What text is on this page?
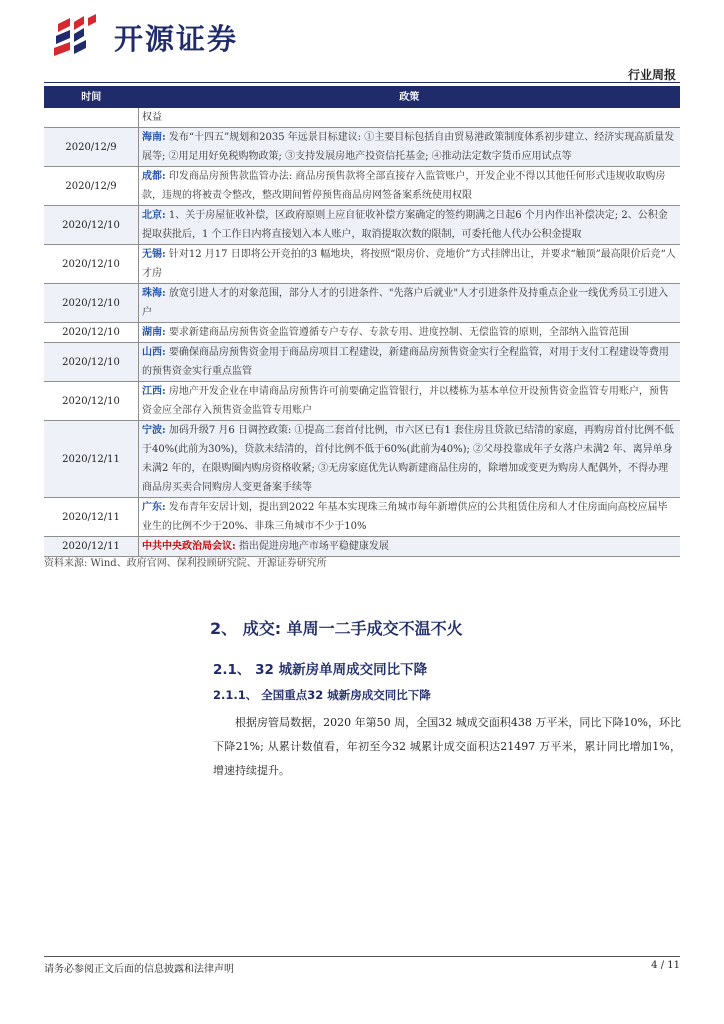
开源证券
行业周报
时间	政策
	权益
2020/12/9	海南: 发布“十四五”规划和2035 年远景目标建议: ①主要目标包括自由贸易港政策制度体系初步建立、经济实现高质量发展等; ②用足用好免税购物政策; ③支持发展房地产投资信托基金; ④推动法定数字货币应用试点等
2020/12/9	成都: 印发商品房预售款监管办法: 商品房预售款将全部直接存入监管账户，开发企业不得以其他任何形式违规收取购房款，违规的将被责令整改，整改期间暂停预售商品房网签备案系统使用权限
2020/12/10	北京: 1、关于房屋征收补偿，区政府原则上应自征收补偿方案确定的签约期满之日起6 个月内作出补偿决定; 2、公积金提取获批后，1 个工作日内将直接划入本人账户，取消提取次数的限制，可委托他人代办公积金提取
2020/12/10	无锡: 针对12 月17 日即将公开竞拍的3 幅地块，将按照“限房价、竞地价”方式挂牌出让，并要求“触顶”最高限价后竞“人才房
2020/12/10	珠海: 放宽引进人才的对象范围，部分人才的引进条件、"先落户后就业"人才引进条件及持重点企业一线优秀员工引进入户
2020/12/10	湖南: 要求新建商品房预售资金监管遵循专户专存、专款专用、进度控制、无偿监管的原则，全部纳入监管范围
2020/12/10	山西: 要确保商品房预售资金用于商品房项目工程建设，新建商品房预售资金实行全程监管，对用于支付工程建设等费用的预售资金实行重点监管
2020/12/10	江西: 房地产开发企业在申请商品房预售许可前要确定监管银行，并以楼栋为基本单位开设预售资金监管专用账户，预售资金应全部存入预售资金监管专用账户
2020/12/11	宁波: 加码升级7 月6 日调控政策: ①提高二套首付比例，市六区已有1 套住房且贷款已结清的家庭，再购房首付比例不低于40%(此前为30%)，贷款未结清的，首付比例不低于60%(此前为40%); ②父母投靠成年子女落户未满2 年、离异单身未满2 年的，在限购圈内购房资格收紧; ③无房家庭优先认购新建商品住房的，除增加或变更为购房人配偶外，不得办理商品房买卖合同购房人变更备案手续等
2020/12/11	广东: 发布青年安居计划，提出到2022 年基本实现珠三角城市每年新增供应的公共租赁住房和人才住房面向高校应届毕业生的比例不少于20%、非珠三角城市不少于10%
2020/12/11	中共中央政治局会议: 指出促进房地产市场平稳健康发展
资料来源: Wind、政府官网、保利投顾研究院、开源证券研究所
2、 成交: 单周一二手成交不温不火
2.1、 32 城新房单周成交同比下降
2.1.1、 全国重点32 城新房成交同比下降
根据房管局数据，2020 年第50 周，全国32 城成交面积438 万平米，同比下降10%，环比下降21%; 从累计数值看，年初至今32 城累计成交面积达21497 万平米，累计同比增加1%，增速持续提升。
请务必参阅正文后面的信息披露和法律声明	4 / 11
